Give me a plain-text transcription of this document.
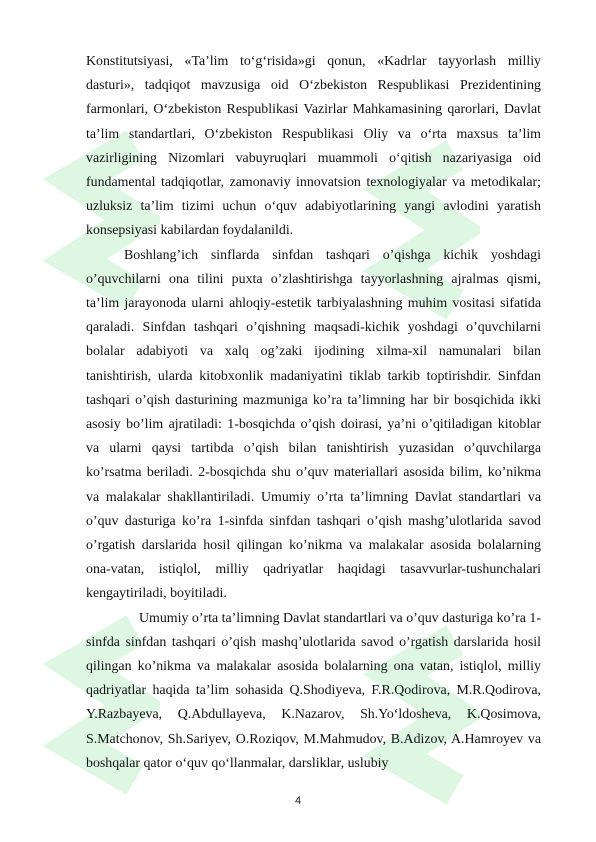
Konstitutsiyasi, «Ta’lim to‘g‘risida»gi qonun, «Kadrlar tayyorlash milliy dasturi», tadqiqot mavzusiga oid O‘zbekiston Respublikasi Prezidentining farmonlari, O‘zbekiston Respublikasi Vazirlar Mahkamasining qarorlari, Davlat ta’lim standartlari, O‘zbekiston Respublikasi Oliy va o‘rta maxsus ta’lim vazirligining Nizomlari vabuyruqlari muammoli o‘qitish nazariyasiga oid fundamental tadqiqotlar, zamonaviy innovatsion texnologiyalar va metodikalar; uzluksiz ta’lim tizimi uchun o‘quv adabiyotlarining yangi avlodini yaratish konsepsiyasi kabilardan foydalanildi.

Boshlang’ich sinflarda sinfdan tashqari o’qishga kichik yoshdagi o’quvchilarni ona tilini puxta o’zlashtirishga tayyorlashning ajralmas qismi, ta’lim jarayonoda ularni ahloqiy-estetik tarbiyalashning muhim vositasi sifatida qaraladi. Sinfdan tashqari o’qishning maqsadi-kichik yoshdagi o’quvchilarni bolalar adabiyoti va xalq og’zaki ijodining xilma-xil namunalari bilan tanishtirish, ularda kitobxonlik madaniyatini tiklab tarkib toptirishdir. Sinfdan tashqari o’qish dasturining mazmuniga ko’ra ta’limning har bir bosqichida ikki asosiy bo’lim ajratiladi: 1-bosqichda o’qish doirasi, ya’ni o’qitiladigan kitoblar va ularni qaysi tartibda o’qish bilan tanishtirish yuzasidan o’quvchilarga ko’rsatma beriladi. 2-bosqichda shu o’quv materiallari asosida bilim, ko’nikma va malakalar shakllantiriladi. Umumiy o’rta ta’limning Davlat standartlari va o’quv dasturiga ko’ra 1-sinfda sinfdan tashqari o’qish mashg’ulotlarida savod o’rgatish darslarida hosil qilingan ko’nikma va malakalar asosida bolalarning ona-vatan, istiqlol, milliy qadriyatlar haqidagi tasavvurlar-tushunchalari kengaytiriladi, boyitiladi.

Umumiy o’rta ta’limning Davlat standartlari va o’quv dasturiga ko’ra 1-sinfda sinfdan tashqari o’qish mashq’ulotlarida savod o’rgatish darslarida hosil qilingan ko’nikma va malakalar asosida bolalarning ona vatan, istiqlol, milliy qadriyatlar haqida ta’lim sohasida Q.Shodiyeva, F.R.Qodirova, M.R.Qodirova, Y.Razbayeva, Q.Abdullayeva, K.Nazarov, Sh.Yo‘ldosheva, K.Qosimova, S.Matchonov, Sh.Sariyev, O.Roziqov, M.Mahmudov, B.Adizov, A.Hamroyev va boshqalar qator o‘quv qo‘llanmalar, darsliklar, uslubiy

4
